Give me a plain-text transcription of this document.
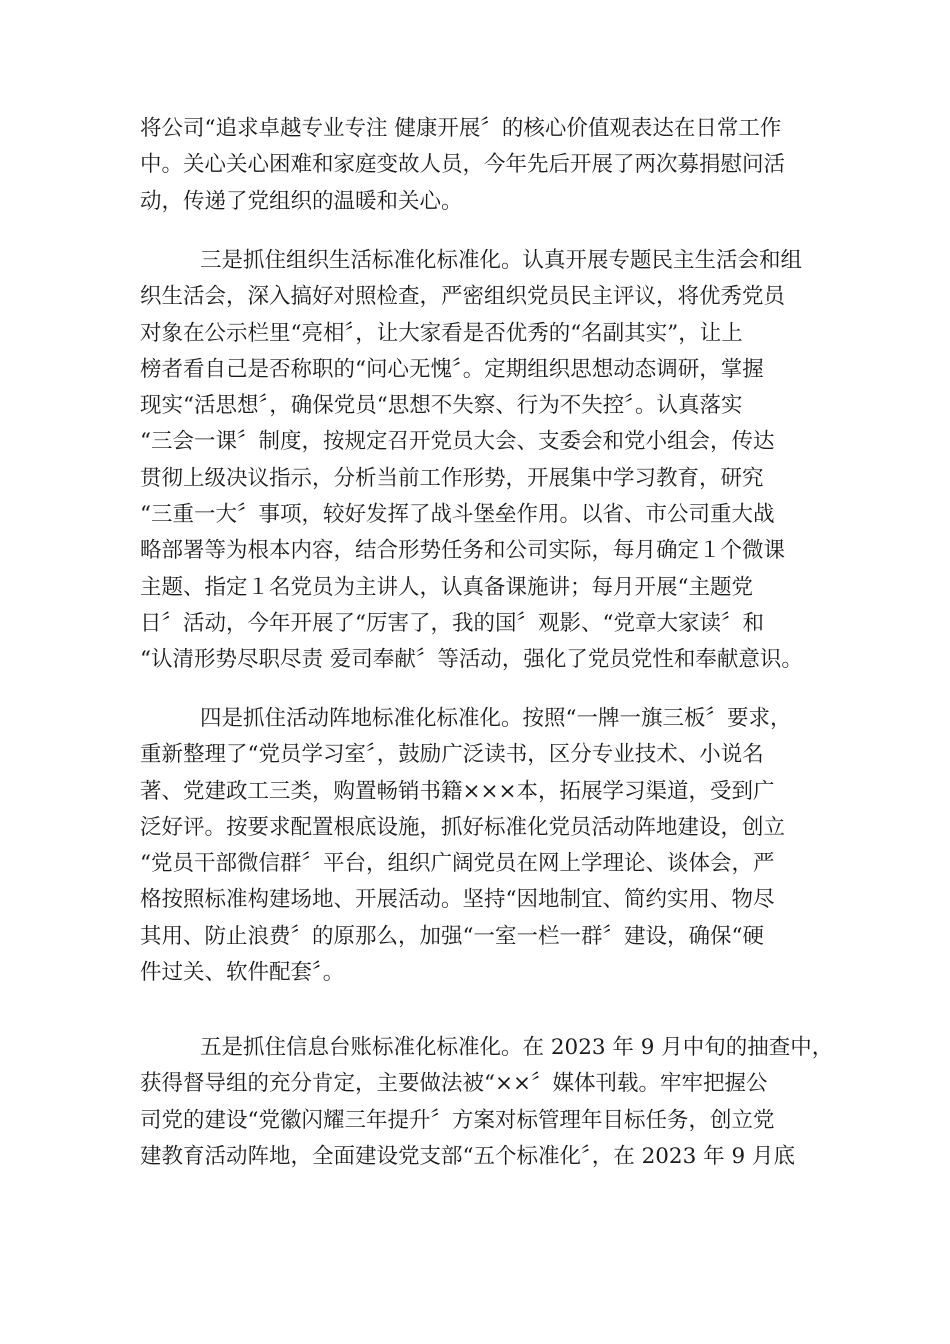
将公司“追求卓越专业专注 健康开展〞的核心价值观表达在日常工作
中。关心关心困难和家庭变故人员，今年先后开展了两次募捐慰问活
动，传递了党组织的温暖和关心。
三是抓住组织生活标准化标准化。认真开展专题民主生活会和组
织生活会，深入搞好对照检查，严密组织党员民主评议，将优秀党员
对象在公示栏里“亮相〞，让大家看是否优秀的“名副其实”，让上
榜者看自己是否称职的“问心无愧〞。定期组织思想动态调研，掌握
现实“活思想〞，确保党员“思想不失察、行为不失控〞。认真落实
“三会一课〞制度，按规定召开党员大会、支委会和党小组会，传达
贯彻上级决议指示，分析当前工作形势，开展集中学习教育，研究
“三重一大〞事项，较好发挥了战斗堡垒作用。以省、市公司重大战
略部署等为根本内容，结合形势任务和公司实际，每月确定１个微课
主题、指定１名党员为主讲人，认真备课施讲；每月开展“主题党
日〞活动，今年开展了“厉害了，我的国〞观影、“党章大家读〞和
“认清形势尽职尽责 爱司奉献〞等活动，强化了党员党性和奉献意识。
四是抓住活动阵地标准化标准化。按照“一牌一旗三板〞要求，
重新整理了“党员学习室〞，鼓励广泛读书，区分专业技术、小说名
著、党建政工三类，购置畅销书籍×××本，拓展学习渠道，受到广
泛好评。按要求配置根底设施，抓好标准化党员活动阵地建设，创立
“党员干部微信群〞平台，组织广阔党员在网上学理论、谈体会，严
格按照标准构建场地、开展活动。坚持“因地制宜、简约实用、物尽
其用、防止浪费〞的原那么，加强“一室一栏一群〞建设，确保“硬
件过关、软件配套〞。
五是抓住信息台账标准化标准化。在 2023 年 9 月中旬的抽查中，
获得督导组的充分肯定，主要做法被“××〞媒体刊载。牢牢把握公
司党的建设“党徽闪耀三年提升〞方案对标管理年目标任务，创立党
建教育活动阵地，全面建设党支部“五个标准化〞，在 2023 年 9 月底
